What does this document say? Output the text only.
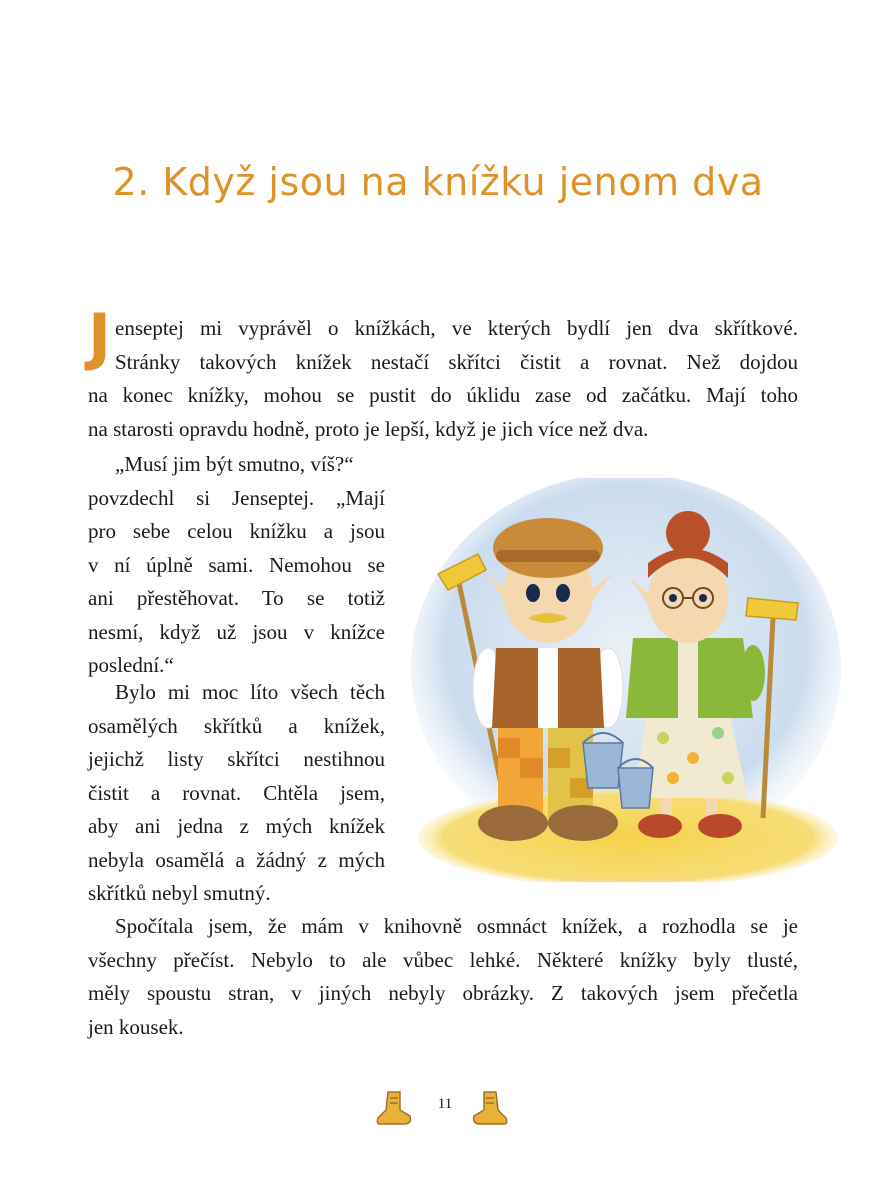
2. Když jsou na knížku jenom dva
J enseptej mi vyprávěl o knížkách, ve kterých bydlí jen dva skřítkové.
Stránky takových knížek nestačí skřítci čistit a rovnat. Než dojdou
na konec knížky, mohou se pustit do úklidu zase od začátku. Mají toho
na starosti opravdu hodně, proto je lepší, když je jich více než dva.
„Musí jim být smutno, víš?“
povzdechl si Jenseptej. „Mají
pro sebe celou knížku a jsou
v ní úplně sami. Nemohou se
ani přestěhovat. To se totiž
nesmí, když už jsou v knížce
poslední.“
Bylo mi moc líto všech těch
osamělých skřítků a knížek,
jejichž listy skřítci nestihnou
čistit a rovnat. Chtěla jsem,
aby ani jedna z mých knížek
nebyla osamělá a žádný z mých
skřítků nebyl smutný.
Spočítala jsem, že mám v knihovně osmnáct knížek, a rozhodla se je
všechny přečíst. Nebylo to ale vůbec lehké. Některé knížky byly tlusté,
měly spoustu stran, v jiných nebyly obrázky. Z takových jsem přečetla
jen kousek.
11
